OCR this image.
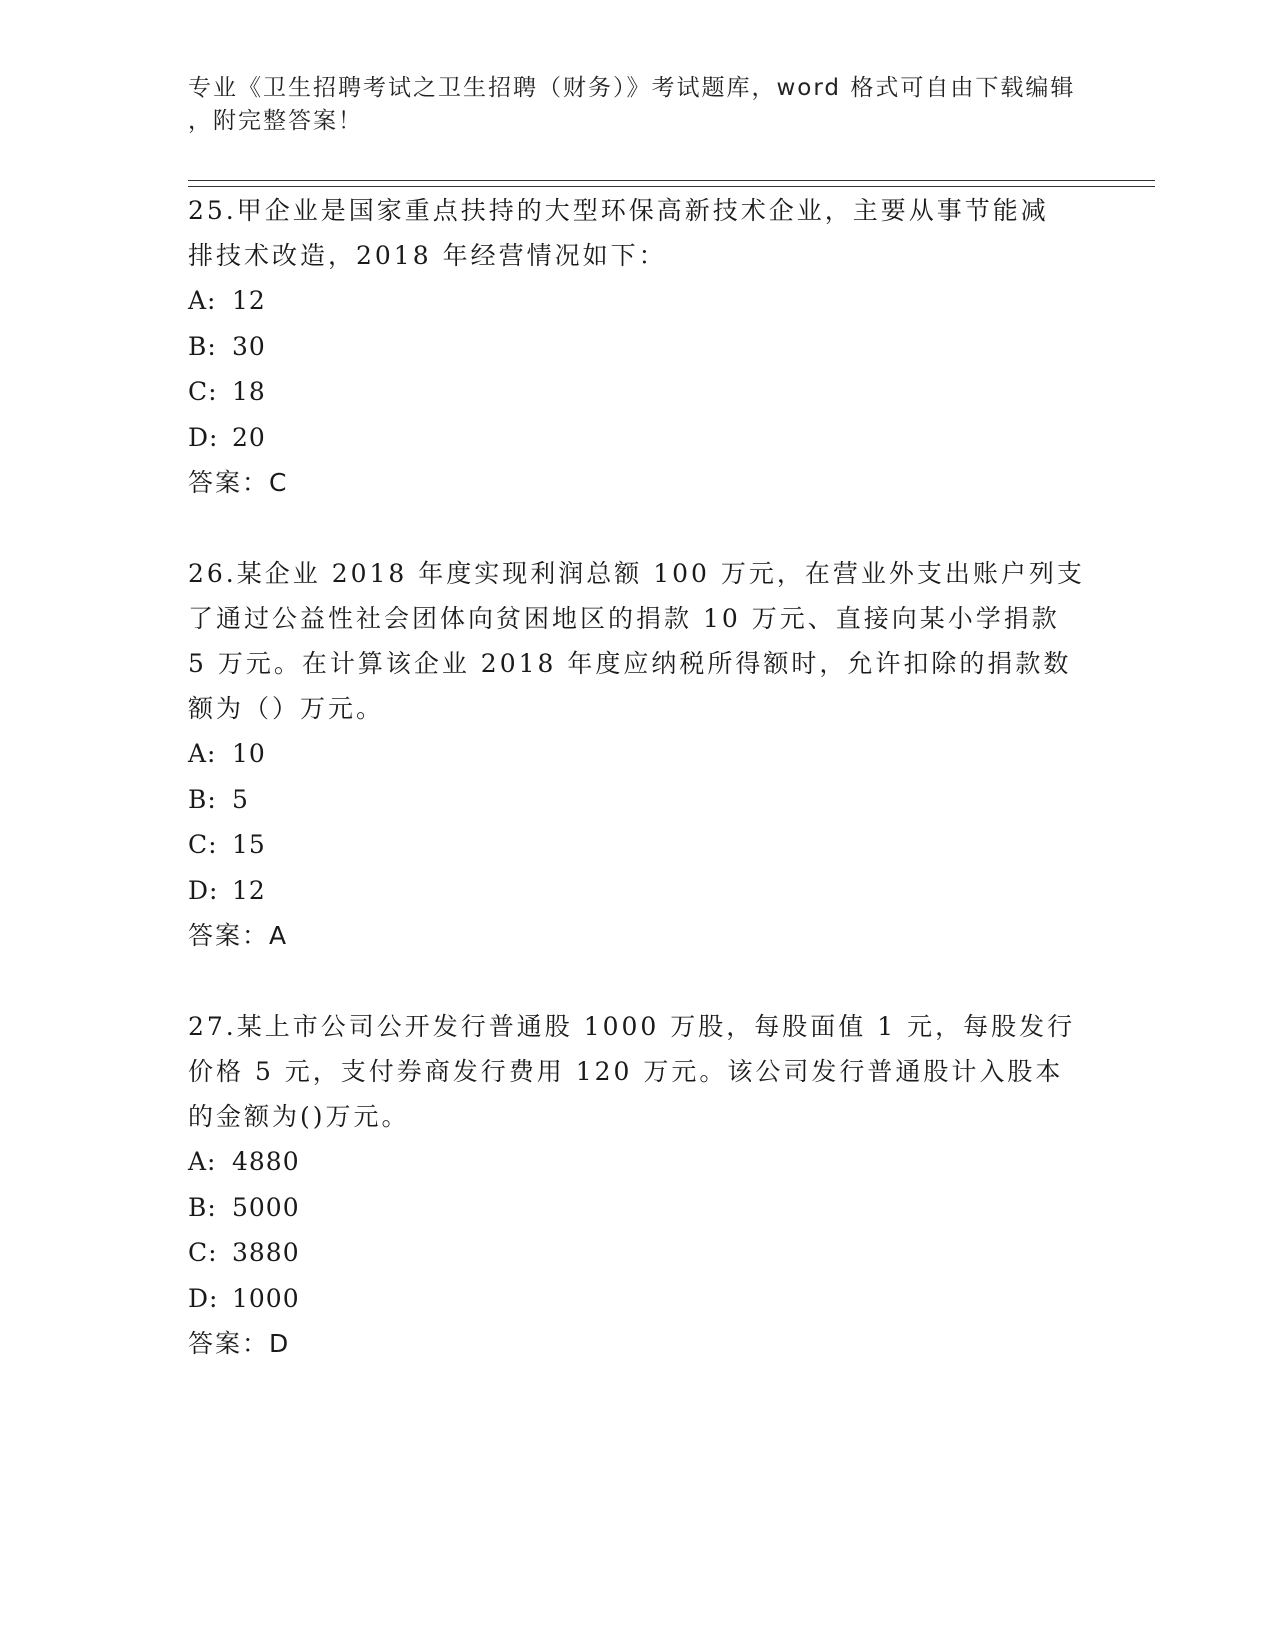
专业《卫生招聘考试之卫生招聘（财务）》考试题库，word 格式可自由下载编辑
，附完整答案！
25.甲企业是国家重点扶持的大型环保高新技术企业，主要从事节能减
排技术改造，2018 年经营情况如下：
A: 12
B: 30
C: 18
D: 20
答案：C
26.某企业 2018 年度实现利润总额 100 万元，在营业外支出账户列支
了通过公益性社会团体向贫困地区的捐款 10 万元、直接向某小学捐款
5 万元。在计算该企业 2018 年度应纳税所得额时，允许扣除的捐款数
额为（）万元。
A: 10
B: 5
C: 15
D: 12
答案：A
27.某上市公司公开发行普通股 1000 万股，每股面值 1 元，每股发行
价格 5 元，支付券商发行费用 120 万元。该公司发行普通股计入股本
的金额为()万元。
A: 4880
B: 5000
C: 3880
D: 1000
答案：D
